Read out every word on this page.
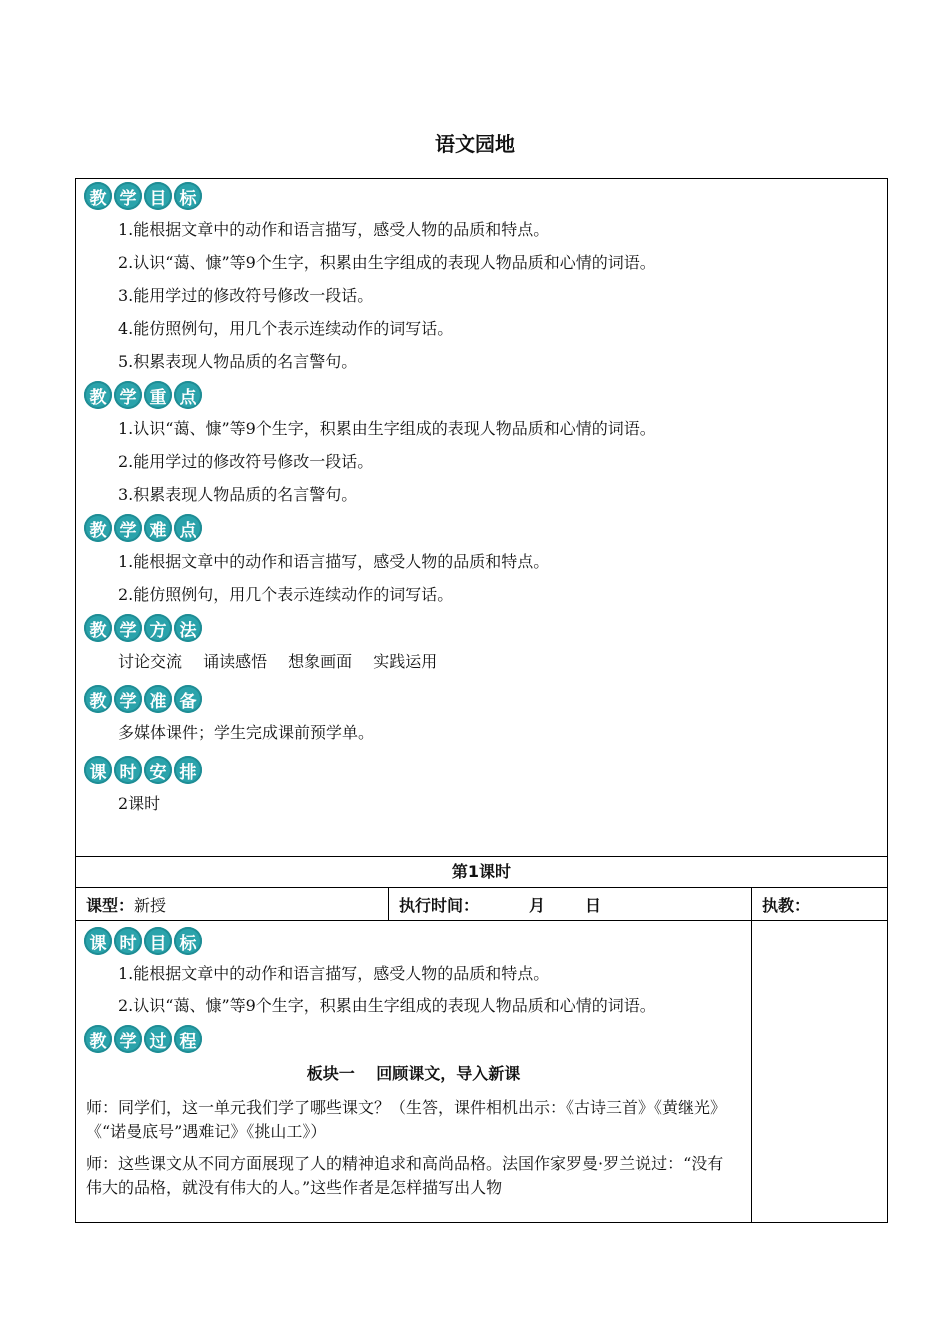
语文园地
教 学 目 标
1.能根据文章中的动作和语言描写，感受人物的品质和特点。
2.认识“蔼、慷”等9个生字，积累由生字组成的表现人物品质和心情的词语。
3.能用学过的修改符号修改一段话。
4.能仿照例句，用几个表示连续动作的词写话。
5.积累表现人物品质的名言警句。
教 学 重 点
1.认识“蔼、慷”等9个生字，积累由生字组成的表现人物品质和心情的词语。
2.能用学过的修改符号修改一段话。
3.积累表现人物品质的名言警句。
教 学 难 点
1.能根据文章中的动作和语言描写，感受人物的品质和特点。
2.能仿照例句，用几个表示连续动作的词写话。
教 学 方 法
讨论交流　 诵读感悟　 想象画面　 实践运用
教 学 准 备
多媒体课件；学生完成课前预学单。
课 时 安 排
2课时
第1课时
课型： 新授	执行时间：	月	日	执教：
课 时 目 标
1.能根据文章中的动作和语言描写，感受人物的品质和特点。
2.认识“蔼、慷”等9个生字，积累由生字组成的表现人物品质和心情的词语。
教 学 过 程
板块一　 回顾课文，导入新课
师：同学们，这一单元我们学了哪些课文？（生答，课件相机出示：《古诗三首》《黄继光》《“诺曼底号”遇难记》《挑山工》）
师：这些课文从不同方面展现了人的精神追求和高尚品格。法国作家罗曼·罗兰说过：“没有伟大的品格，就没有伟大的人。”这些作者是怎样描写出人物
